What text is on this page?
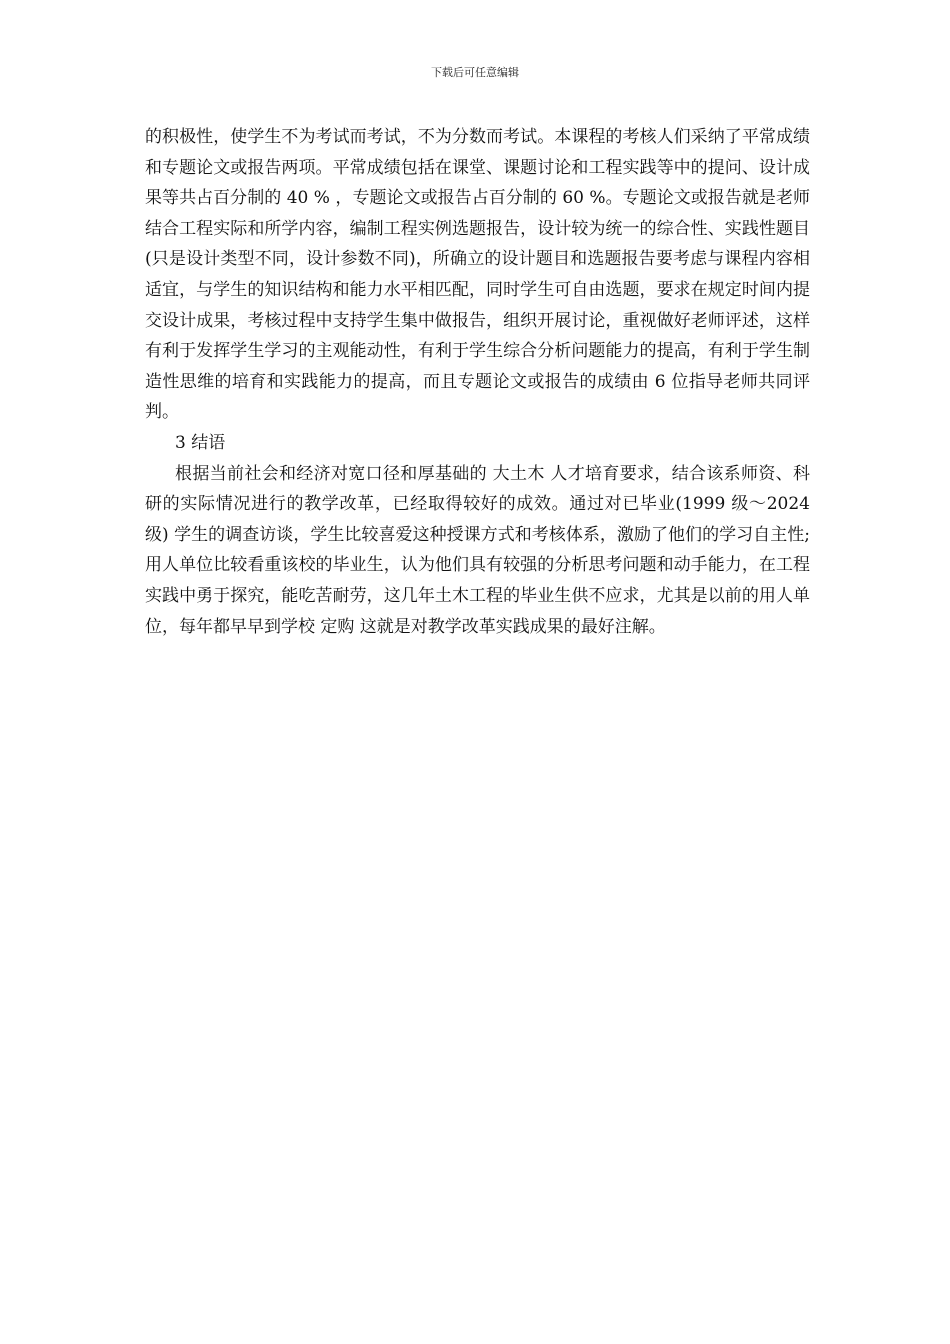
下载后可任意编辑

的积极性，使学生不为考试而考试，不为分数而考试。本课程的考核人们采纳了平常成绩和专题论文或报告两项。平常成绩包括在课堂、课题讨论和工程实践等中的提问、设计成果等共占百分制的 40 % ，专题论文或报告占百分制的 60 %。专题论文或报告就是老师结合工程实际和所学内容，编制工程实例选题报告，设计较为统一的综合性、实践性题目(只是设计类型不同，设计参数不同)，所确立的设计题目和选题报告要考虑与课程内容相适宜，与学生的知识结构和能力水平相匹配，同时学生可自由选题，要求在规定时间内提交设计成果，考核过程中支持学生集中做报告，组织开展讨论，重视做好老师评述，这样有利于发挥学生学习的主观能动性，有利于学生综合分析问题能力的提高，有利于学生制造性思维的培育和实践能力的提高，而且专题论文或报告的成绩由 6 位指导老师共同评判。

3 结语

根据当前社会和经济对宽口径和厚基础的 大土木 人才培育要求，结合该系师资、科研的实际情况进行的教学改革，已经取得较好的成效。通过对已毕业(1999 级～2024 级) 学生的调查访谈，学生比较喜爱这种授课方式和考核体系，激励了他们的学习自主性;用人单位比较看重该校的毕业生，认为他们具有较强的分析思考问题和动手能力，在工程实践中勇于探究，能吃苦耐劳，这几年土木工程的毕业生供不应求，尤其是以前的用人单位，每年都早早到学校 定购 这就是对教学改革实践成果的最好注解。
